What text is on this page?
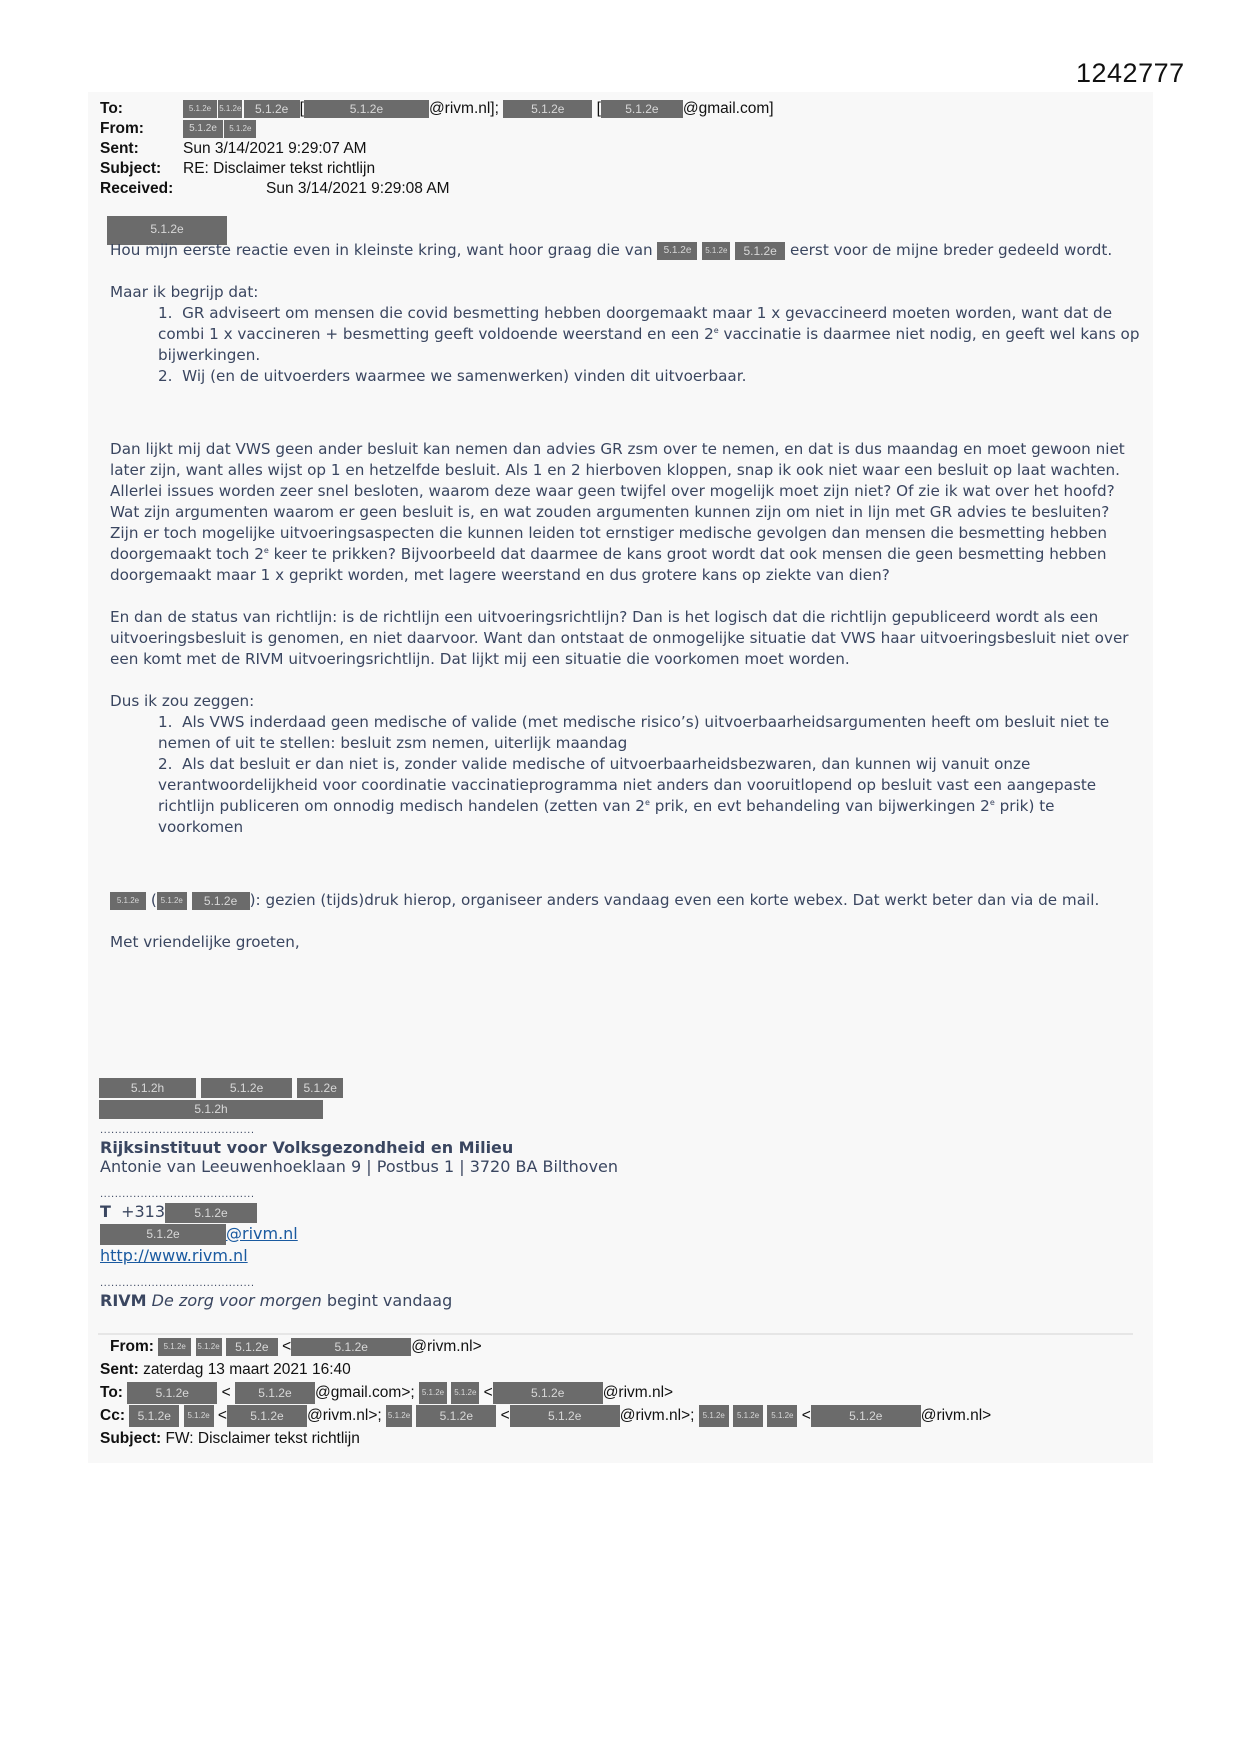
1242777
To:	5.1.2e 5.1.2e 5.1.2e [	5.1.2e	@rivm.nl];	5.1.2e [ 5.1.2e @gmail.com]
From:	5.1.2e 5.1.2e
Sent:	Sun 3/14/2021 9:29:07 AM
Subject: RE: Disclaimer tekst richtlijn
Received:	Sun 3/14/2021 9:29:08 AM
5.1.2e

Hou mijn eerste reactie even in kleinste kring, want hoor graag die van 5.1.2e 5.1.2e 5.1.2e eerst voor de mijne breder gedeeld wordt.

Maar ik begrijp dat:

1. GR adviseert om mensen die covid besmetting hebben doorgemaakt maar 1 x gevaccineerd moeten worden, want dat de combi 1 x vaccineren + besmetting geeft voldoende weerstand en een 2e vaccinatie is daarmee niet nodig, en geeft wel kans op bijwerkingen.

2. Wij (en de uitvoerders waarmee we samenwerken) vinden dit uitvoerbaar.

Dan lijkt mij dat VWS geen ander besluit kan nemen dan advies GR zsm over te nemen, en dat is dus maandag en moet gewoon niet later zijn, want alles wijst op 1 en hetzelfde besluit. Als 1 en 2 hierboven kloppen, snap ik ook niet waar een besluit op laat wachten. Allerlei issues worden zeer snel besloten, waarom deze waar geen twijfel over mogelijk moet zijn niet? Of zie ik wat over het hoofd? Wat zijn argumenten waarom er geen besluit is, en wat zouden argumenten kunnen zijn om niet in lijn met GR advies te besluiten? Zijn er toch mogelijke uitvoeringsaspecten die kunnen leiden tot ernstiger medische gevolgen dan mensen die besmetting hebben doorgemaakt toch 2e keer te prikken? Bijvoorbeeld dat daarmee de kans groot wordt dat ook mensen die geen besmetting hebben doorgemaakt maar 1 x geprikt worden, met lagere weerstand en dus grotere kans op ziekte van dien?

En dan de status van richtlijn: is de richtlijn een uitvoeringsrichtlijn? Dan is het logisch dat die richtlijn gepubliceerd wordt als een uitvoeringsbesluit is genomen, en niet daarvoor. Want dan ontstaat de onmogelijke situatie dat VWS haar uitvoeringsbesluit niet over een komt met de RIVM uitvoeringsrichtlijn. Dat lijkt mij een situatie die voorkomen moet worden.

Dus ik zou zeggen:

1. Als VWS inderdaad geen medische of valide (met medische risico’s) uitvoerbaarheidsargumenten heeft om besluit niet te nemen of uit te stellen: besluit zsm nemen, uiterlijk maandag

2. Als dat besluit er dan niet is, zonder valide medische of uitvoerbaarheidsbezwaren, dan kunnen wij vanuit onze verantwoordelijkheid voor coordinatie vaccinatieprogramma niet anders dan vooruitlopend op besluit vast een aangepaste richtlijn publiceren om onnodig medisch handelen (zetten van 2e prik, en evt behandeling van bijwerkingen 2e prik) te voorkomen

5.1.2e ( 5.1.2e 5.1.2e ): gezien (tijds)druk hierop, organiseer anders vandaag even een korte webex. Dat werkt beter dan via de mail.

Met vriendelijke groeten,

5.1.2h	5.1.2e	5.1.2e
5.1.2h
..........................................
Rijksinstituut voor Volksgezondheid en Milieu
Antonie van Leeuwenhoeklaan 9 | Postbus 1 | 3720 BA Bilthoven
..........................................
T +313 5.1.2e
5.1.2e	@rivm.nl
http://www.rivm.nl
..........................................
RIVM De zorg voor morgen begint vandaag
From: 5.1.2e 5.1.2e 5.1.2e <	5.1.2e	@rivm.nl>
Sent: zaterdag 13 maart 2021 16:40
To:	5.1.2e < 5.1.2e @gmail.com>; 5.1.2e 5.1.2e <	5.1.2e @rivm.nl>
Cc: 5.1.2e 5.1.2e < 5.1.2e @rivm.nl>; 5.1.2e 5.1.2e <	5.1.2e @rivm.nl>; 5.1.2e 5.1.2e 5.1.2e <	5.1.2e @rivm.nl>
Subject: FW: Disclaimer tekst richtlijn
